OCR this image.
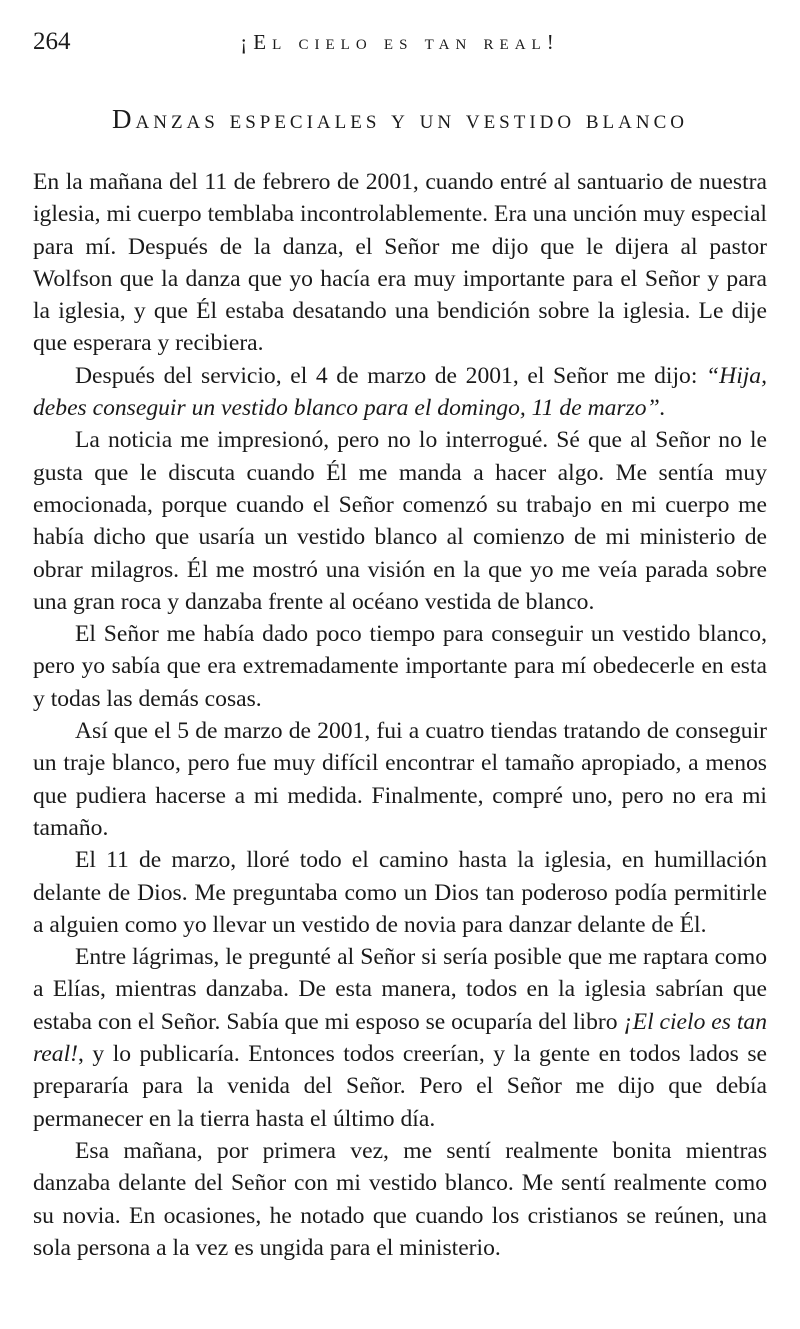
264	¡El cielo es tan real!
Danzas especiales y un vestido blanco

En la mañana del 11 de febrero de 2001, cuando entré al santuario de nuestra iglesia, mi cuerpo temblaba incontrolablemente. Era una unción muy especial para mí. Después de la danza, el Señor me dijo que le dijera al pastor Wolfson que la danza que yo hacía era muy importante para el Señor y para la iglesia, y que Él estaba desatando una bendición sobre la iglesia. Le dije que esperara y recibiera.

Después del servicio, el 4 de marzo de 2001, el Señor me dijo: “Hija, debes conseguir un vestido blanco para el domingo, 11 de marzo”.

La noticia me impresionó, pero no lo interrogué. Sé que al Señor no le gusta que le discuta cuando Él me manda a hacer algo. Me sentía muy emocionada, porque cuando el Señor comenzó su trabajo en mi cuerpo me había dicho que usaría un vestido blanco al comienzo de mi ministerio de obrar milagros. Él me mostró una visión en la que yo me veía parada sobre una gran roca y danzaba frente al océano vestida de blanco.

El Señor me había dado poco tiempo para conseguir un vestido blanco, pero yo sabía que era extremadamente importante para mí obedecerle en esta y todas las demás cosas.

Así que el 5 de marzo de 2001, fui a cuatro tiendas tratando de conseguir un traje blanco, pero fue muy difícil encontrar el tamaño apropiado, a menos que pudiera hacerse a mi medida. Finalmente, compré uno, pero no era mi tamaño.

El 11 de marzo, lloré todo el camino hasta la iglesia, en humillación delante de Dios. Me preguntaba como un Dios tan poderoso podía permitirle a alguien como yo llevar un vestido de novia para danzar delante de Él.

Entre lágrimas, le pregunté al Señor si sería posible que me raptara como a Elías, mientras danzaba. De esta manera, todos en la iglesia sabrían que estaba con el Señor. Sabía que mi esposo se ocuparía del libro ¡El cielo es tan real!, y lo publicaría. Entonces todos creerían, y la gente en todos lados se prepararía para la venida del Señor. Pero el Señor me dijo que debía permanecer en la tierra hasta el último día.

Esa mañana, por primera vez, me sentí realmente bonita mientras danzaba delante del Señor con mi vestido blanco. Me sentí realmente como su novia. En ocasiones, he notado que cuando los cristianos se reúnen, una sola persona a la vez es ungida para el ministerio.
